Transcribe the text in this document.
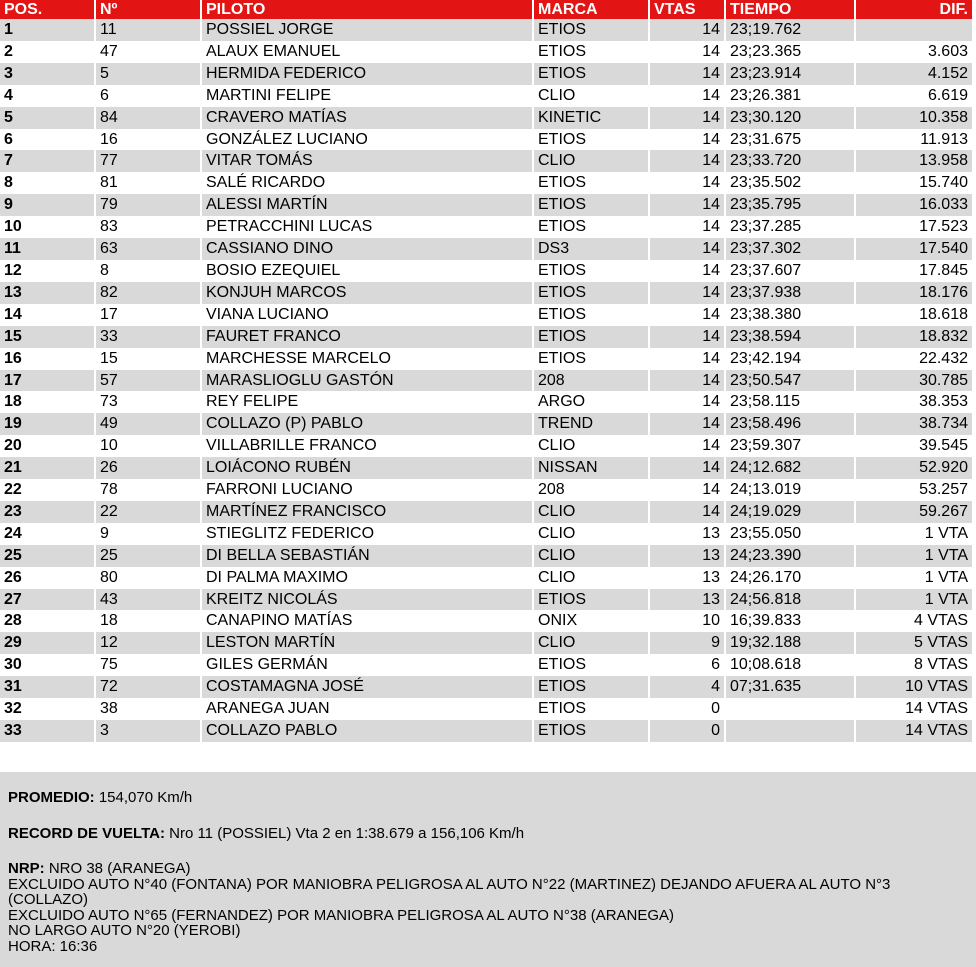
POS.	Nº	PILOTO	MARCA	VTAS	TIEMPO	DIF.
1	11	POSSIEL JORGE	ETIOS	14	23;19.762	
2	47	ALAUX EMANUEL	ETIOS	14	23;23.365	3.603
3	5	HERMIDA FEDERICO	ETIOS	14	23;23.914	4.152
4	6	MARTINI FELIPE	CLIO	14	23;26.381	6.619
5	84	CRAVERO MATÍAS	KINETIC	14	23;30.120	10.358
6	16	GONZÁLEZ LUCIANO	ETIOS	14	23;31.675	11.913
7	77	VITAR TOMÁS	CLIO	14	23;33.720	13.958
8	81	SALÉ RICARDO	ETIOS	14	23;35.502	15.740
9	79	ALESSI MARTÍN	ETIOS	14	23;35.795	16.033
10	83	PETRACCHINI LUCAS	ETIOS	14	23;37.285	17.523
11	63	CASSIANO DINO	DS3	14	23;37.302	17.540
12	8	BOSIO EZEQUIEL	ETIOS	14	23;37.607	17.845
13	82	KONJUH MARCOS	ETIOS	14	23;37.938	18.176
14	17	VIANA LUCIANO	ETIOS	14	23;38.380	18.618
15	33	FAURET FRANCO	ETIOS	14	23;38.594	18.832
16	15	MARCHESSE MARCELO	ETIOS	14	23;42.194	22.432
17	57	MARASLIOGLU GASTÓN	208	14	23;50.547	30.785
18	73	REY FELIPE	ARGO	14	23;58.115	38.353
19	49	COLLAZO (P) PABLO	TREND	14	23;58.496	38.734
20	10	VILLABRILLE FRANCO	CLIO	14	23;59.307	39.545
21	26	LOIÁCONO RUBÉN	NISSAN	14	24;12.682	52.920
22	78	FARRONI LUCIANO	208	14	24;13.019	53.257
23	22	MARTÍNEZ FRANCISCO	CLIO	14	24;19.029	59.267
24	9	STIEGLITZ FEDERICO	CLIO	13	23;55.050	1 VTA
25	25	DI BELLA SEBASTIÁN	CLIO	13	24;23.390	1 VTA
26	80	DI PALMA MAXIMO	CLIO	13	24;26.170	1 VTA
27	43	KREITZ NICOLÁS	ETIOS	13	24;56.818	1 VTA
28	18	CANAPINO MATÍAS	ONIX	10	16;39.833	4 VTAS
29	12	LESTON MARTÍN	CLIO	9	19;32.188	5 VTAS
30	75	GILES GERMÁN	ETIOS	6	10;08.618	8 VTAS
31	72	COSTAMAGNA JOSÉ	ETIOS	4	07;31.635	10 VTAS
32	38	ARANEGA JUAN	ETIOS	0		14 VTAS
33	3	COLLAZO PABLO	ETIOS	0		14 VTAS

PROMEDIO: 154,070 Km/h

RECORD DE VUELTA: Nro 11 (POSSIEL) Vta 2 en 1:38.679 a 156,106 Km/h

NRP: NRO 38 (ARANEGA)
EXCLUIDO AUTO N°40 (FONTANA) POR MANIOBRA PELIGROSA AL AUTO N°22 (MARTINEZ) DEJANDO AFUERA AL AUTO N°3 (COLLAZO)
EXCLUIDO AUTO N°65 (FERNANDEZ) POR MANIOBRA PELIGROSA AL AUTO N°38 (ARANEGA)
NO LARGO AUTO N°20 (YEROBI)
HORA: 16:36
